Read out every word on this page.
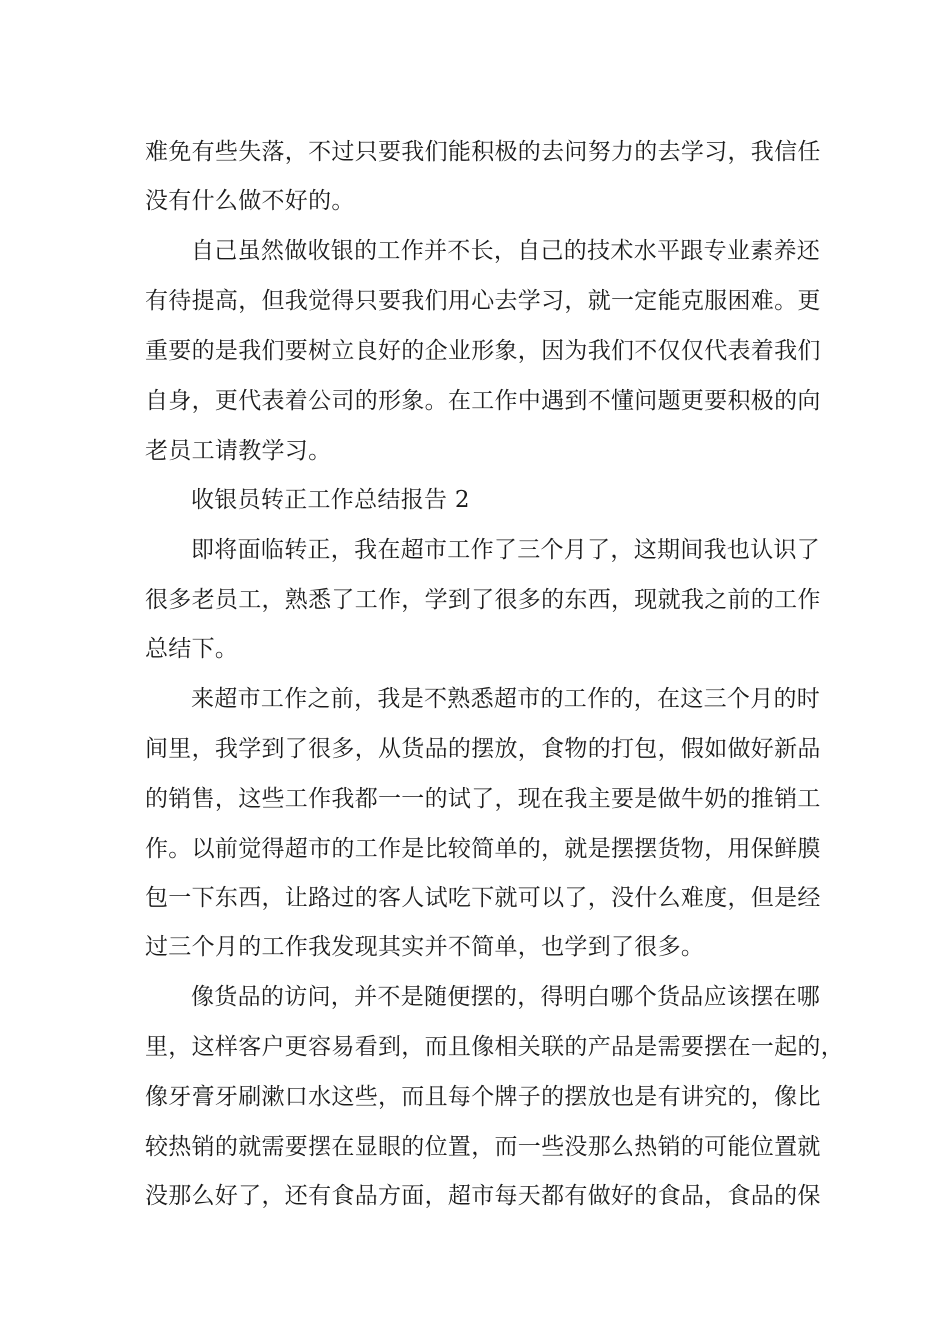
难免有些失落，不过只要我们能积极的去问努力的去学习，我信任
没有什么做不好的。
自己虽然做收银的工作并不长，自己的技术水平跟专业素养还
有待提高，但我觉得只要我们用心去学习，就一定能克服困难。更
重要的是我们要树立良好的企业形象，因为我们不仅仅代表着我们
自身，更代表着公司的形象。在工作中遇到不懂问题更要积极的向
老员工请教学习。
收银员转正工作总结报告 2
即将面临转正，我在超市工作了三个月了，这期间我也认识了
很多老员工，熟悉了工作，学到了很多的东西，现就我之前的工作
总结下。
来超市工作之前，我是不熟悉超市的工作的，在这三个月的时
间里，我学到了很多，从货品的摆放，食物的打包，假如做好新品
的销售，这些工作我都一一的试了，现在我主要是做牛奶的推销工
作。以前觉得超市的工作是比较简单的，就是摆摆货物，用保鲜膜
包一下东西，让路过的客人试吃下就可以了，没什么难度，但是经
过三个月的工作我发现其实并不简单，也学到了很多。
像货品的访问，并不是随便摆的，得明白哪个货品应该摆在哪
里，这样客户更容易看到，而且像相关联的产品是需要摆在一起的，
像牙膏牙刷漱口水这些，而且每个牌子的摆放也是有讲究的，像比
较热销的就需要摆在显眼的位置，而一些没那么热销的可能位置就
没那么好了，还有食品方面，超市每天都有做好的食品，食品的保
